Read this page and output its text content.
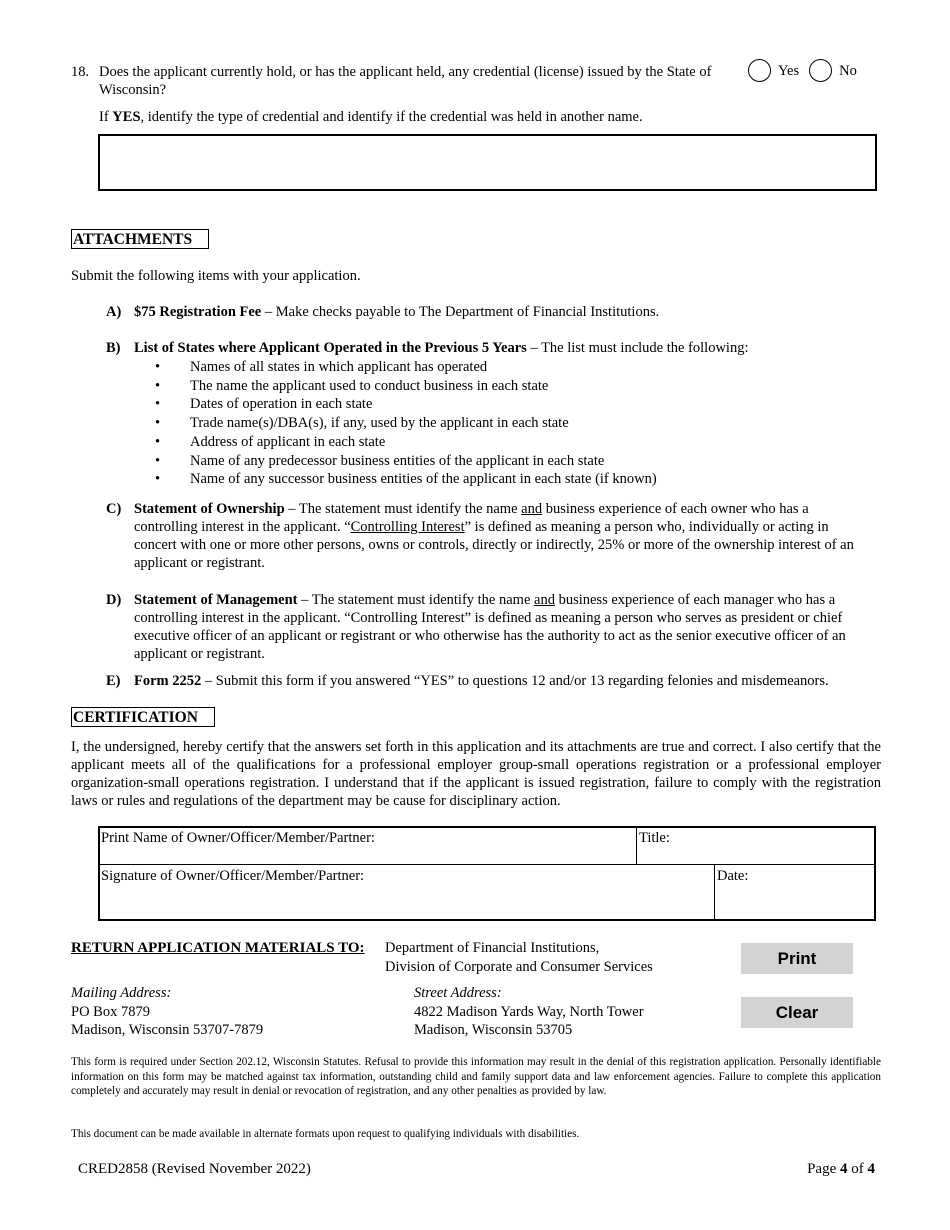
18. Does the applicant currently hold, or has the applicant held, any credential (license) issued by the State of Wisconsin?
Yes	No
If YES, identify the type of credential and identify if the credential was held in another name.
ATTACHMENTS
Submit the following items with your application.
A) $75 Registration Fee – Make checks payable to The Department of Financial Institutions.
B) List of States where Applicant Operated in the Previous 5 Years – The list must include the following:
• Names of all states in which applicant has operated
• The name the applicant used to conduct business in each state
• Dates of operation in each state
• Trade name(s)/DBA(s), if any, used by the applicant in each state
• Address of applicant in each state
• Name of any predecessor business entities of the applicant in each state
• Name of any successor business entities of the applicant in each state (if known)
C) Statement of Ownership – The statement must identify the name and business experience of each owner who has a controlling interest in the applicant. “Controlling Interest” is defined as meaning a person who, individually or acting in concert with one or more other persons, owns or controls, directly or indirectly, 25% or more of the ownership interest of an applicant or registrant.
D) Statement of Management – The statement must identify the name and business experience of each manager who has a controlling interest in the applicant. “Controlling Interest” is defined as meaning a person who serves as president or chief executive officer of an applicant or registrant or who otherwise has the authority to act as the senior executive officer of an applicant or registrant.
E) Form 2252 – Submit this form if you answered “YES” to questions 12 and/or 13 regarding felonies and misdemeanors.
CERTIFICATION
I, the undersigned, hereby certify that the answers set forth in this application and its attachments are true and correct. I also certify that the applicant meets all of the qualifications for a professional employer group-small operations registration or a professional employer organization-small operations registration. I understand that if the applicant is issued registration, failure to comply with the registration laws or rules and regulations of the department may be cause for disciplinary action.
Print Name of Owner/Officer/Member/Partner:	Title:
Signature of Owner/Officer/Member/Partner:	Date:
RETURN APPLICATION MATERIALS TO: Department of Financial Institutions,
Division of Corporate and Consumer Services	Print
Clear
Mailing Address:
PO Box 7879
Madison, Wisconsin 53707-7879
Street Address:
4822 Madison Yards Way, North Tower
Madison, Wisconsin 53705
This form is required under Section 202.12, Wisconsin Statutes. Refusal to provide this information may result in the denial of this registration application. Personally identifiable information on this form may be matched against tax information, outstanding child and family support data and law enforcement agencies. Failure to complete this application completely and accurately may result in denial or revocation of registration, and any other penalties as provided by law.
This document can be made available in alternate formats upon request to qualifying individuals with disabilities.
CRED2858 (Revised November 2022)	Page 4 of 4
